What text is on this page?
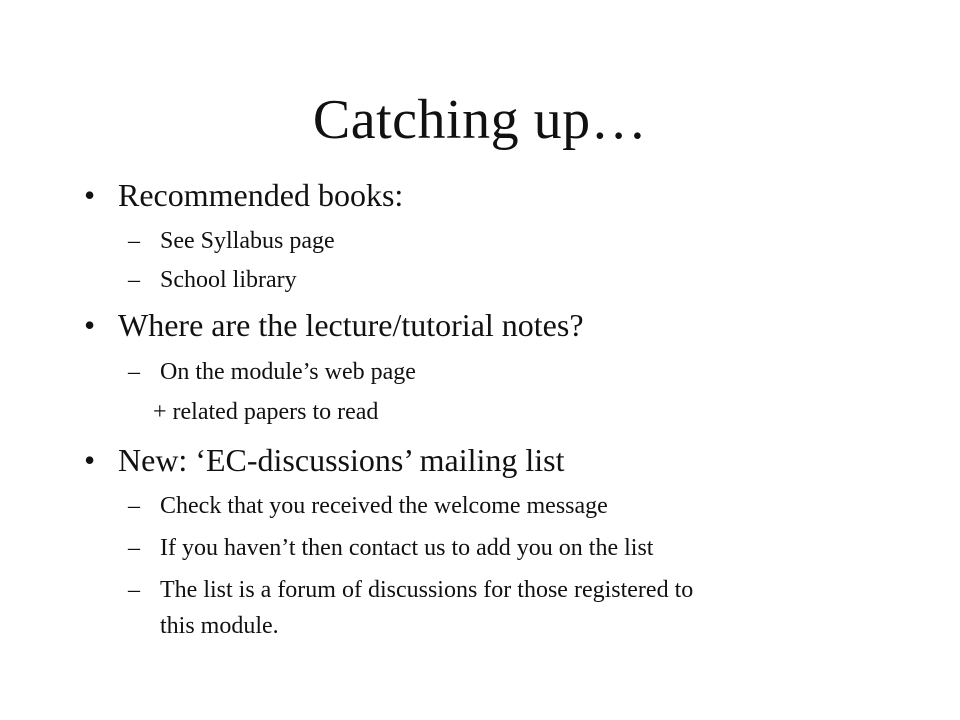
Catching up…
• Recommended books:
– See Syllabus page
– School library
• Where are the lecture/tutorial notes?
– On the module’s web page
+ related papers to read
• New: ‘EC-discussions’ mailing list
– Check that you received the welcome message
– If you haven’t then contact us to add you on the list
– The list is a forum of discussions for those registered to
this module.
